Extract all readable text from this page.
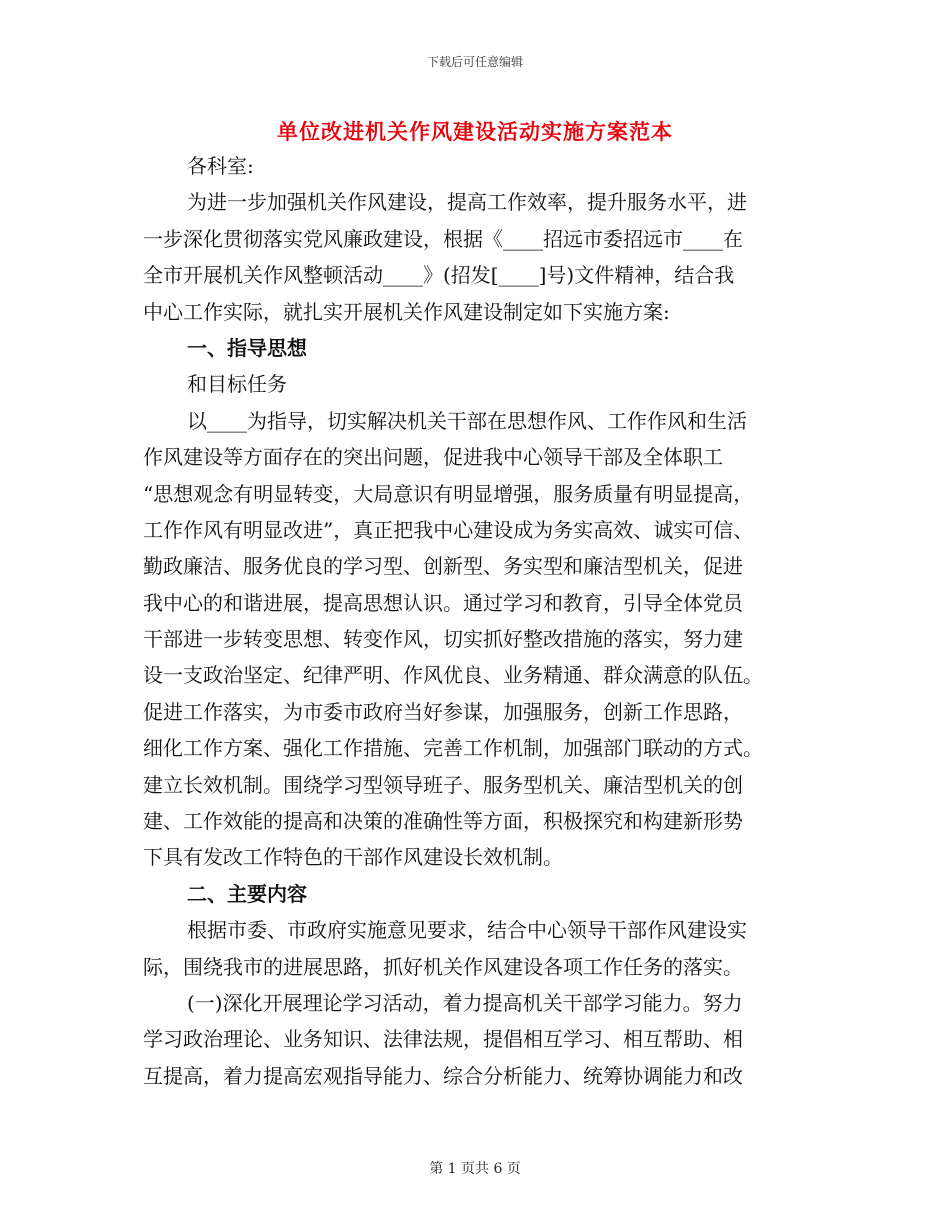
下载后可任意编辑
单位改进机关作风建设活动实施方案范本
各科室:
为进一步加强机关作风建设，提高工作效率，提升服务水平，进
一步深化贯彻落实党风廉政建设，根据《____招远市委招远市____在
全市开展机关作风整顿活动____》(招发[____]号)文件精神，结合我
中心工作实际，就扎实开展机关作风建设制定如下实施方案:
一、指导思想
和目标任务
以____为指导，切实解决机关干部在思想作风、工作作风和生活
作风建设等方面存在的突出问题，促进我中心领导干部及全体职工
“思想观念有明显转变，大局意识有明显增强，服务质量有明显提高，
工作作风有明显改进”，真正把我中心建设成为务实高效、诚实可信、
勤政廉洁、服务优良的学习型、创新型、务实型和廉洁型机关，促进
我中心的和谐进展，提高思想认识。通过学习和教育，引导全体党员
干部进一步转变思想、转变作风，切实抓好整改措施的落实，努力建
设一支政治坚定、纪律严明、作风优良、业务精通、群众满意的队伍。
促进工作落实，为市委市政府当好参谋，加强服务，创新工作思路，
细化工作方案、强化工作措施、完善工作机制，加强部门联动的方式。
建立长效机制。围绕学习型领导班子、服务型机关、廉洁型机关的创
建、工作效能的提高和决策的准确性等方面，积极探究和构建新形势
下具有发改工作特色的干部作风建设长效机制。
二、主要内容
根据市委、市政府实施意见要求，结合中心领导干部作风建设实
际，围绕我市的进展思路，抓好机关作风建设各项工作任务的落实。
(一)深化开展理论学习活动，着力提高机关干部学习能力。努力
学习政治理论、业务知识、法律法规，提倡相互学习、相互帮助、相
互提高，着力提高宏观指导能力、综合分析能力、统筹协调能力和改
第 1 页共 6 页
